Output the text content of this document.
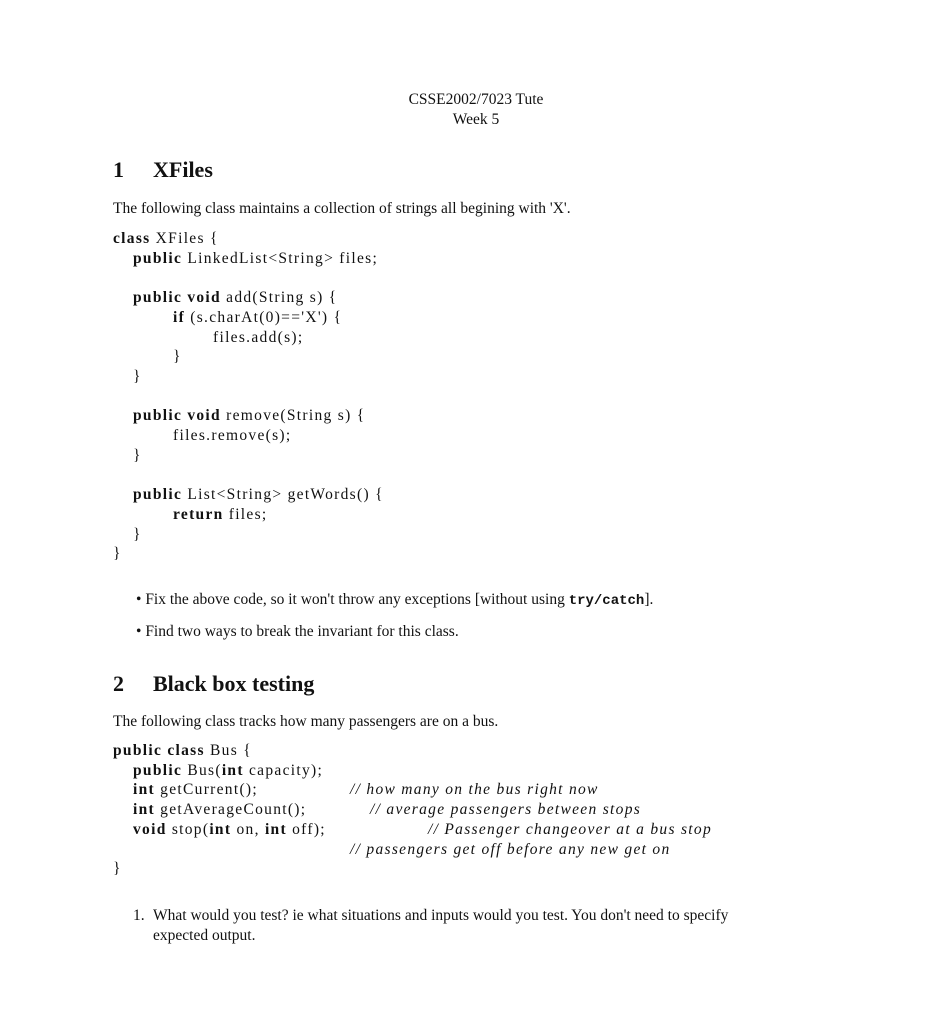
CSSE2002/7023 Tute
Week 5
1 XFiles
The following class maintains a collection of strings all begining with 'X'.
class XFiles {
public LinkedList<String> files;
public void add(String s) {
if (s.charAt(0)=='X') {
files.add(s);
}
}
public void remove(String s) {
files.remove(s);
}
public List<String> getWords() {
return files;
}
}
• Fix the above code, so it won't throw any exceptions [without using try/catch].
• Find two ways to break the invariant for this class.
2 Black box testing
The following class tracks how many passengers are on a bus.
public class Bus {
public Bus(int capacity);
int getCurrent();	// how many on the bus right now
int getAverageCount();	// average passengers between stops
void stop(int on, int off);	// Passenger changeover at a bus stop
// passengers get off before any new get on
}
1. What would you test? ie what situations and inputs would you test. You don't need to specify
expected output.
